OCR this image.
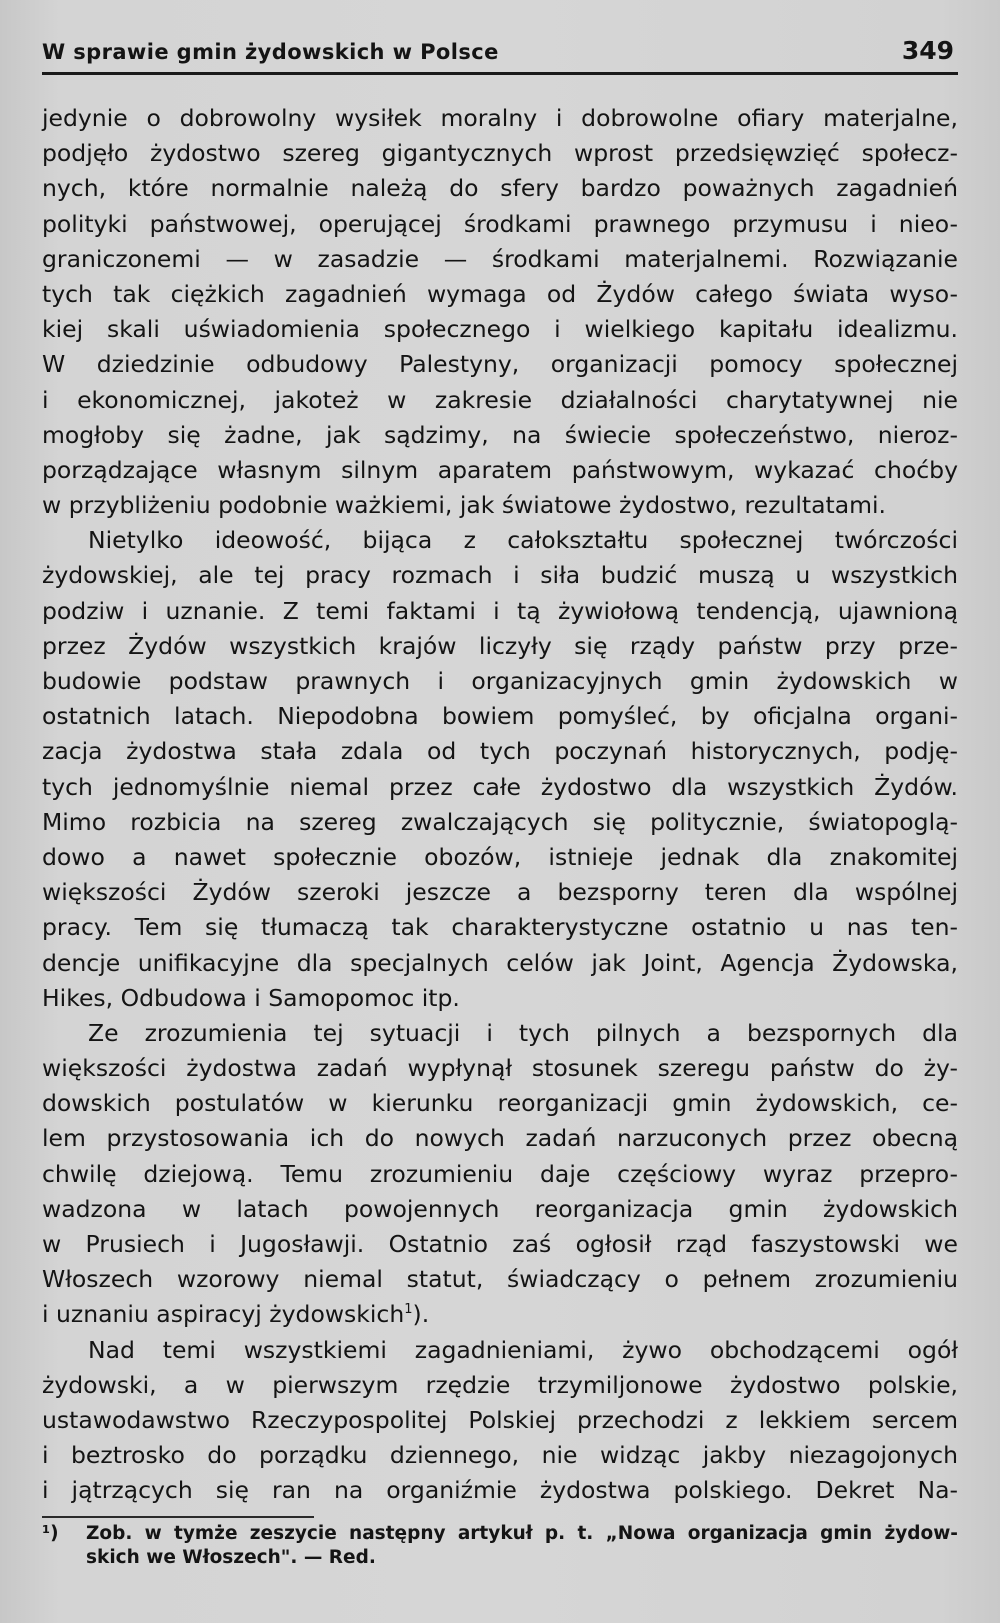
W sprawie gmin żydowskich w Polsce	349
jedynie o dobrowolny wysiłek moralny i dobrowolne ofiary materjalne,
podjęło żydostwo szereg gigantycznych wprost przedsięwzięć społecz-
nych, które normalnie należą do sfery bardzo poważnych zagadnień
polityki państwowej, operującej środkami prawnego przymusu i nieo-
graniczonemi — w zasadzie — środkami materjalnemi. Rozwiązanie
tych tak ciężkich zagadnień wymaga od Żydów całego świata wyso-
kiej skali uświadomienia społecznego i wielkiego kapitału idealizmu.
W dziedzinie odbudowy Palestyny, organizacji pomocy społecznej
i ekonomicznej, jakoteż w zakresie działalności charytatywnej nie
mogłoby się żadne, jak sądzimy, na świecie społeczeństwo, nieroz-
porządzające własnym silnym aparatem państwowym, wykazać choćby
w przybliżeniu podobnie ważkiemi, jak światowe żydostwo, rezultatami.
Nietylko ideowość, bijąca z całokształtu społecznej twórczości
żydowskiej, ale tej pracy rozmach i siła budzić muszą u wszystkich
podziw i uznanie. Z temi faktami i tą żywiołową tendencją, ujawnioną
przez Żydów wszystkich krajów liczyły się rządy państw przy prze-
budowie podstaw prawnych i organizacyjnych gmin żydowskich w
ostatnich latach. Niepodobna bowiem pomyśleć, by oficjalna organi-
zacja żydostwa stała zdala od tych poczynań historycznych, podję-
tych jednomyślnie niemal przez całe żydostwo dla wszystkich Żydów.
Mimo rozbicia na szereg zwalczających się politycznie, światopoglą-
dowo a nawet społecznie obozów, istnieje jednak dla znakomitej
większości Żydów szeroki jeszcze a bezsporny teren dla wspólnej
pracy. Tem się tłumaczą tak charakterystyczne ostatnio u nas ten-
dencje unifikacyjne dla specjalnych celów jak Joint, Agencja Żydowska,
Hikes, Odbudowa i Samopomoc itp.
Ze zrozumienia tej sytuacji i tych pilnych a bezspornych dla
większości żydostwa zadań wypłynął stosunek szeregu państw do ży-
dowskich postulatów w kierunku reorganizacji gmin żydowskich, ce-
lem przystosowania ich do nowych zadań narzuconych przez obecną
chwilę dziejową. Temu zrozumieniu daje częściowy wyraz przepro-
wadzona w latach powojennych reorganizacja gmin żydowskich
w Prusiech i Jugosławji. Ostatnio zaś ogłosił rząd faszystowski we
Włoszech wzorowy niemal statut, świadczący o pełnem zrozumieniu
i uznaniu aspiracyj żydowskich$^1$).
Nad temi wszystkiemi zagadnieniami, żywo obchodzącemi ogół
żydowski, a w pierwszym rzędzie trzymiljonowe żydostwo polskie,
ustawodawstwo Rzeczypospolitej Polskiej przechodzi z lekkiem sercem
i beztrosko do porządku dziennego, nie widząc jakby niezagojonych
i jątrzących się ran na organiźmie żydostwa polskiego. Dekret Na-
¹) Zob. w tymże zeszycie następny artykuł p. t. „Nowa organizacja gmin żydow-
skich we Włoszech". — Red.
